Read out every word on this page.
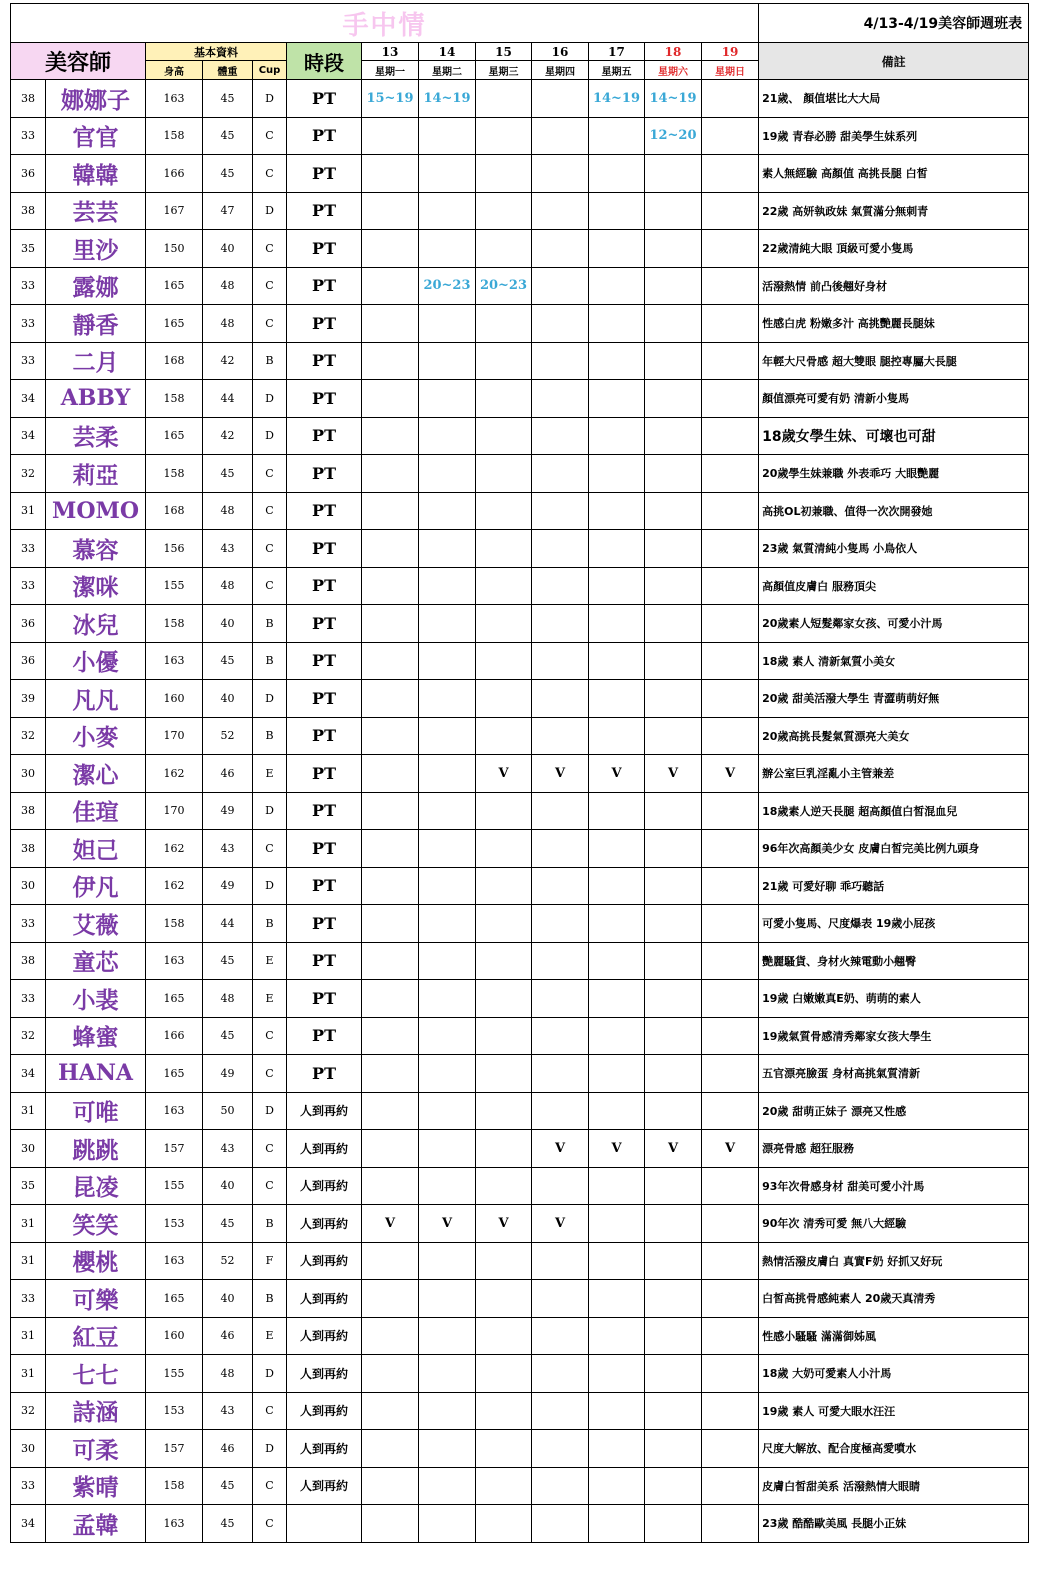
手中情													4/13-4/19美容師週班表
美容師		基本資料			時段	13	14	15	16	17	18	19	備註
		身高	體重	Cup		星期一	星期二	星期三	星期四	星期五	星期六	星期日	
38	娜娜子	163	45	D	PT	15~19	14~19			14~19	14~19		21歲、 顏值堪比大大局
33	官官	158	45	C	PT						12~20		19歲 青春必勝 甜美學生妹系列
36	韓韓	166	45	C	PT								素人無經驗 高顏值 高挑長腿 白皙
38	芸芸	167	47	D	PT								22歲 高妍執政妹 氣質滿分無刺青
35	里沙	150	40	C	PT								22歲清純大眼 頂級可愛小隻馬
33	露娜	165	48	C	PT		20~23	20~23					活潑熱情 前凸後翹好身材
33	靜香	165	48	C	PT								性感白虎 粉嫩多汁 高挑艷麗長腿妹
33	二月	168	42	B	PT								年輕大尺骨感 超大雙眼 腿控專屬大長腿
34	ABBY	158	44	D	PT								顏值漂亮可愛有奶 清新小隻馬
34	芸柔	165	42	D	PT								18歲女學生妹、可壞也可甜
32	莉亞	158	45	C	PT								20歲學生妹兼職 外表乖巧 大眼艷麗
31	MOMO	168	48	C	PT								高挑OL初兼職、值得一次次開發她
33	慕容	156	43	C	PT								23歲 氣質清純小隻馬 小鳥依人
33	潔咪	155	48	C	PT								高顏值皮膚白 服務頂尖
36	冰兒	158	40	B	PT								20歲素人短髮鄰家女孩、可愛小汁馬
36	小優	163	45	B	PT								18歲 素人 清新氣質小美女
39	凡凡	160	40	D	PT								20歲 甜美活潑大學生 青澀萌萌好無
32	小麥	170	52	B	PT								20歲高挑長髮氣質漂亮大美女
30	潔心	162	46	E	PT			V	V	V	V	V	辦公室巨乳淫亂小主管兼差
38	佳瑄	170	49	D	PT								18歲素人逆天長腿 超高顏值白皙混血兒
38	妲己	162	43	C	PT								96年次高顏美少女 皮膚白皙完美比例九頭身
30	伊凡	162	49	D	PT								21歲 可愛好聊 乖巧聽話
33	艾薇	158	44	B	PT								可愛小隻馬、尺度爆表 19歲小屁孩
38	童芯	163	45	E	PT								艷麗騷貨、身材火辣電動小翹臀
33	小裴	165	48	E	PT								19歲 白嫩嫩真E奶、萌萌的素人
32	蜂蜜	166	45	C	PT								19歲氣質骨感清秀鄰家女孩大學生
34	HANA	165	49	C	PT								五官漂亮臉蛋 身材高挑氣質清新
31	可唯	163	50	D	人到再約								20歲 甜萌正妹子 漂亮又性感
30	跳跳	157	43	C	人到再約				V	V	V	V	漂亮骨感 超狂服務
35	昆凌	155	40	C	人到再約								93年次骨感身材 甜美可愛小汁馬
31	笑笑	153	45	B	人到再約	V	V	V	V				90年次 清秀可愛 無八大經驗
31	櫻桃	163	52	F	人到再約								熱情活潑皮膚白 真實F奶 好抓又好玩
33	可樂	165	40	B	人到再約								白皙高挑骨感純素人 20歲天真清秀
31	紅豆	160	46	E	人到再約								性感小騷騷 滿滿御姊風
31	七七	155	48	D	人到再約								18歲 大奶可愛素人小汁馬
32	詩涵	153	43	C	人到再約								19歲 素人 可愛大眼水汪汪
30	可柔	157	46	D	人到再約								尺度大解放、配合度極高愛噴水
33	紫晴	158	45	C	人到再約								皮膚白皙甜美系 活潑熱情大眼睛
34	孟韓	163	45	C									23歲 酷酷歐美風 長腿小正妹
